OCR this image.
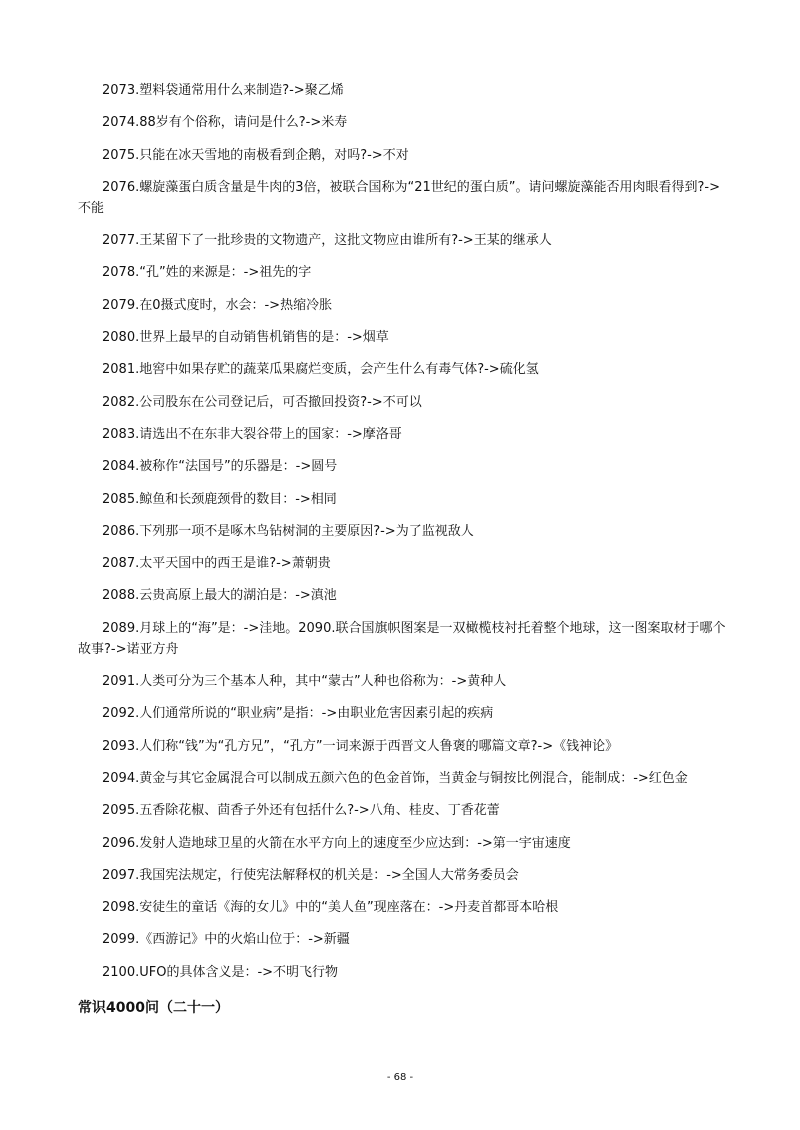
2073.塑料袋通常用什么来制造?->聚乙烯

2074.88岁有个俗称，请问是什么?->米寿

2075.只能在冰天雪地的南极看到企鹅，对吗?->不对

2076.螺旋藻蛋白质含量是牛肉的3倍，被联合国称为“21世纪的蛋白质”。请问螺旋藻能否用肉眼看得到?->不能

2077.王某留下了一批珍贵的文物遗产，这批文物应由谁所有?->王某的继承人

2078.“孔”姓的来源是：->祖先的字

2079.在0摄式度时，水会：->热缩冷胀

2080.世界上最早的自动销售机销售的是：->烟草

2081.地窖中如果存贮的蔬菜瓜果腐烂变质，会产生什么有毒气体?->硫化氢

2082.公司股东在公司登记后，可否撤回投资?->不可以

2083.请选出不在东非大裂谷带上的国家：->摩洛哥

2084.被称作“法国号”的乐器是：->圆号

2085.鲸鱼和长颈鹿颈骨的数目：->相同

2086.下列那一项不是啄木鸟钻树洞的主要原因?->为了监视敌人

2087.太平天国中的西王是谁?->萧朝贵

2088.云贵高原上最大的湖泊是：->滇池

2089.月球上的“海”是：->洼地。2090.联合国旗帜图案是一双橄榄枝衬托着整个地球，这一图案取材于哪个故事?->诺亚方舟

2091.人类可分为三个基本人种，其中“蒙古”人种也俗称为：->黄种人

2092.人们通常所说的“职业病”是指：->由职业危害因素引起的疾病

2093.人们称“钱”为“孔方兄”，“孔方”一词来源于西晋文人鲁褒的哪篇文章?->《钱神论》

2094.黄金与其它金属混合可以制成五颜六色的色金首饰，当黄金与铜按比例混合，能制成：->红色金

2095.五香除花椒、茴香子外还有包括什么?->八角、桂皮、丁香花蕾

2096.发射人造地球卫星的火箭在水平方向上的速度至少应达到：->第一宇宙速度

2097.我国宪法规定，行使宪法解释权的机关是：->全国人大常务委员会

2098.安徒生的童话《海的女儿》中的“美人鱼”现座落在：->丹麦首都哥本哈根

2099.《西游记》中的火焰山位于：->新疆

2100.UFO的具体含义是：->不明飞行物

常识4000问（二十一）
- 68 -
